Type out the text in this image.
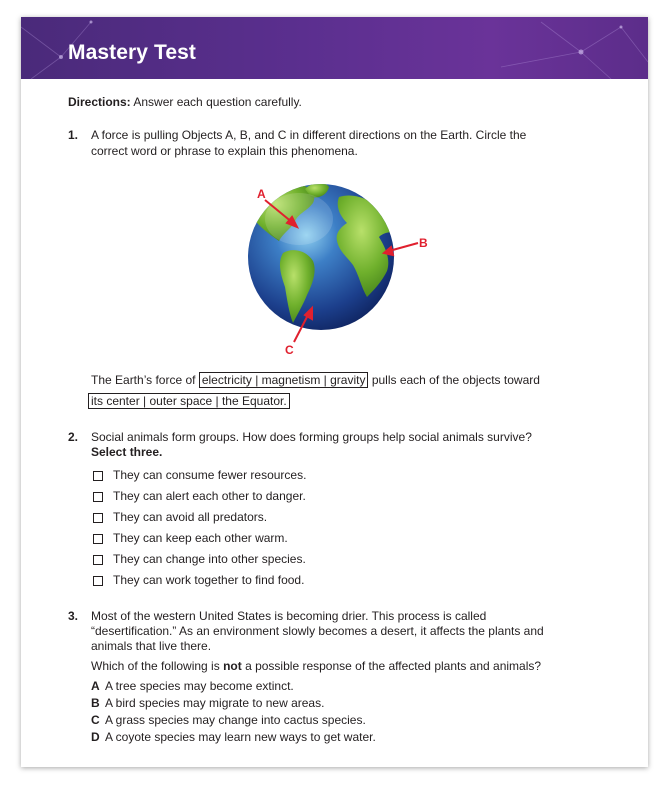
Mastery Test
Directions: Answer each question carefully.
1. A force is pulling Objects A, B, and C in different directions on the Earth. Circle the
correct word or phrase to explain this phenomena.
A
B
C
The Earth’s force of electricity | magnetism | gravity pulls each of the objects toward
its center | outer space | the Equator.
2. Social animals form groups. How does forming groups help social animals survive?
Select three.
They can consume fewer resources.
They can alert each other to danger.
They can avoid all predators.
They can keep each other warm.
They can change into other species.
They can work together to find food.
3. Most of the western United States is becoming drier. This process is called
“desertification.” As an environment slowly becomes a desert, it affects the plants and
animals that live there.
Which of the following is not a possible response of the affected plants and animals?
A A tree species may become extinct.
B A bird species may migrate to new areas.
C A grass species may change into cactus species.
D A coyote species may learn new ways to get water.
